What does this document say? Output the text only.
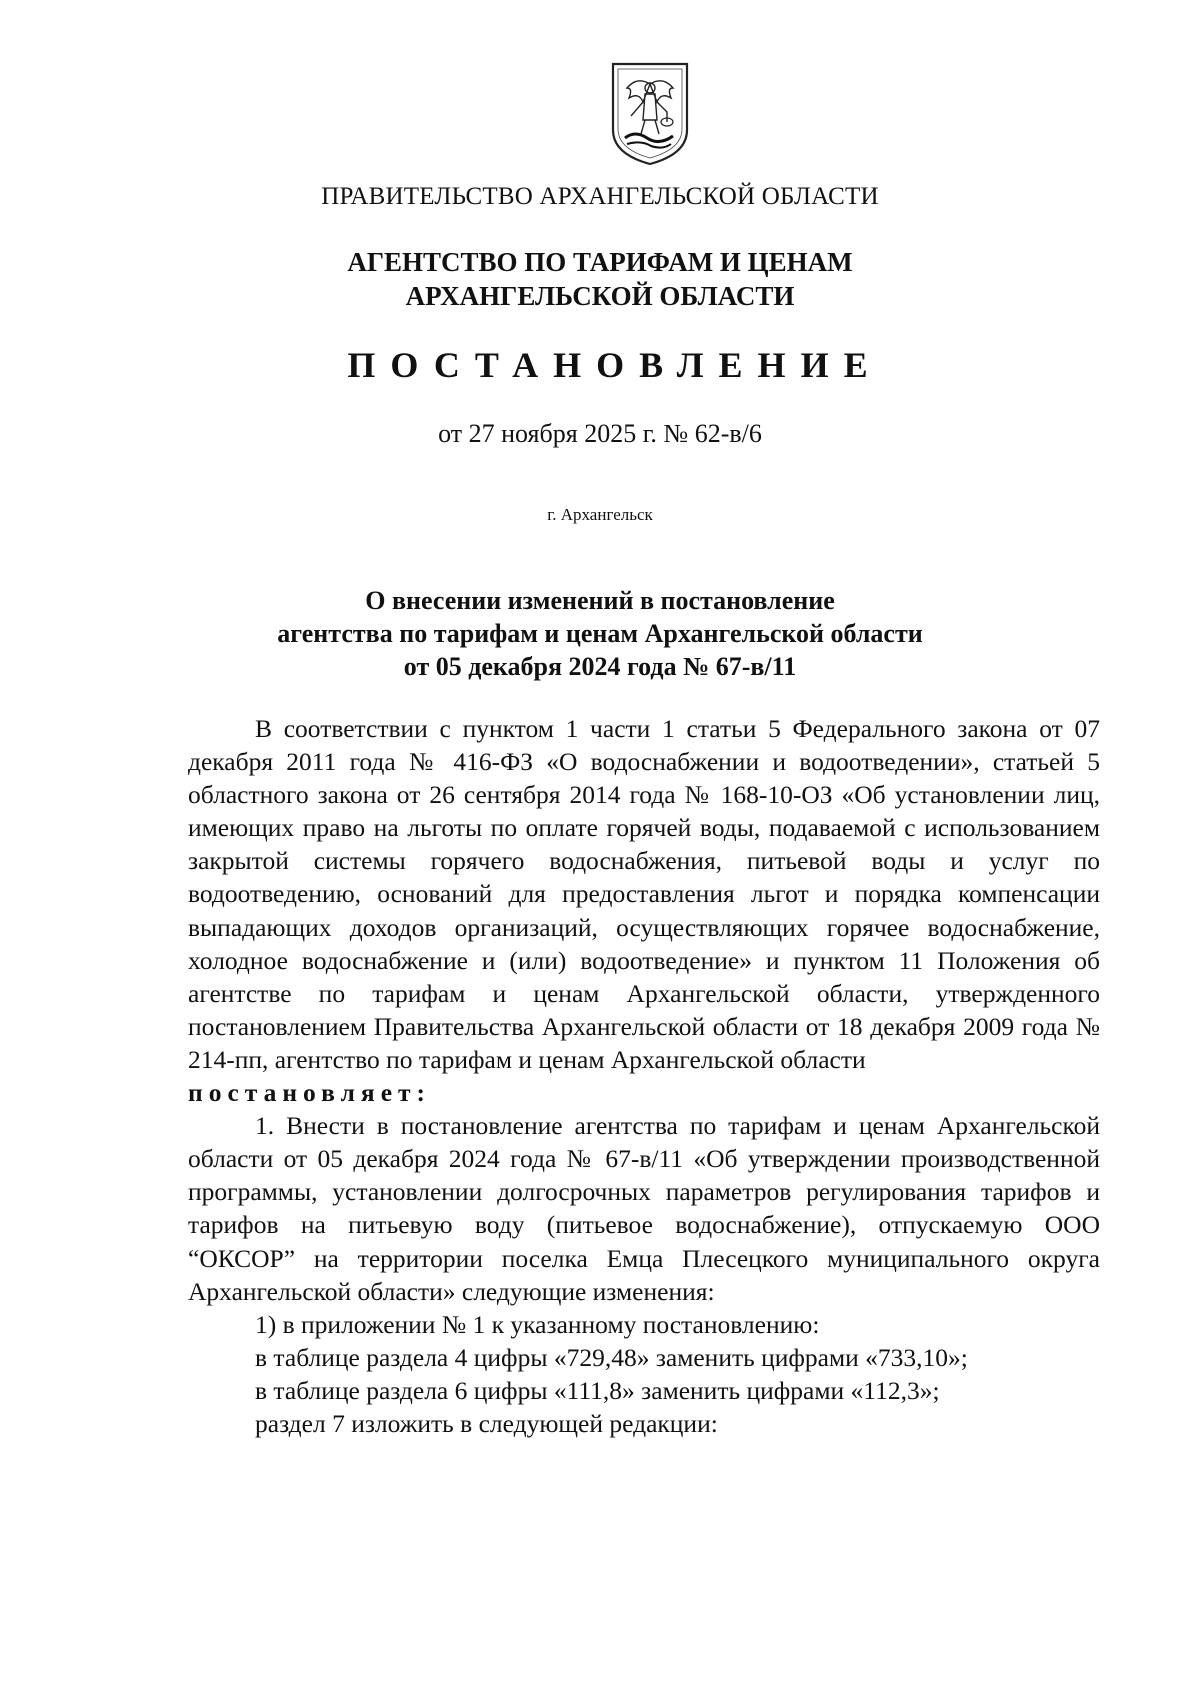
ПРАВИТЕЛЬСТВО АРХАНГЕЛЬСКОЙ ОБЛАСТИ
АГЕНТСТВО ПО ТАРИФАМ И ЦЕНАМ
АРХАНГЕЛЬСКОЙ ОБЛАСТИ
ПОСТАНОВЛЕНИЕ
от 27 ноября 2025 г. № 62-в/6
г. Архангельск
О внесении изменений в постановление
агентства по тарифам и ценам Архангельской области
от 05 декабря 2024 года № 67-в/11

В соответствии с пунктом 1 части 1 статьи 5 Федерального закона от 07 декабря 2011 года № 416-ФЗ «О водоснабжении и водоотведении», статьей 5 областного закона от 26 сентября 2014 года № 168-10-ОЗ «Об установлении лиц, имеющих право на льготы по оплате горячей воды, подаваемой с использованием закрытой системы горячего водоснабжения, питьевой воды и услуг по водоотведению, оснований для предоставления льгот и порядка компенсации выпадающих доходов организаций, осуществляющих горячее водоснабжение, холодное водоснабжение и (или) водоотведение» и пунктом 11 Положения об агентстве по тарифам и ценам Архангельской области, утвержденного постановлением Правительства Архангельской области от 18 декабря 2009 года № 214-пп, агентство по тарифам и ценам Архангельской области

постановляет:

1. Внести в постановление агентства по тарифам и ценам Архангельской области от 05 декабря 2024 года № 67-в/11 «Об утверждении производственной программы, установлении долгосрочных параметров регулирования тарифов и тарифов на питьевую воду (питьевое водоснабжение), отпускаемую ООО “ОКСОР” на территории поселка Емца Плесецкого муниципального округа Архангельской области» следующие изменения:

1) в приложении № 1 к указанному постановлению:

в таблице раздела 4 цифры «729,48» заменить цифрами «733,10»;

в таблице раздела 6 цифры «111,8» заменить цифрами «112,3»;

раздел 7 изложить в следующей редакции:
